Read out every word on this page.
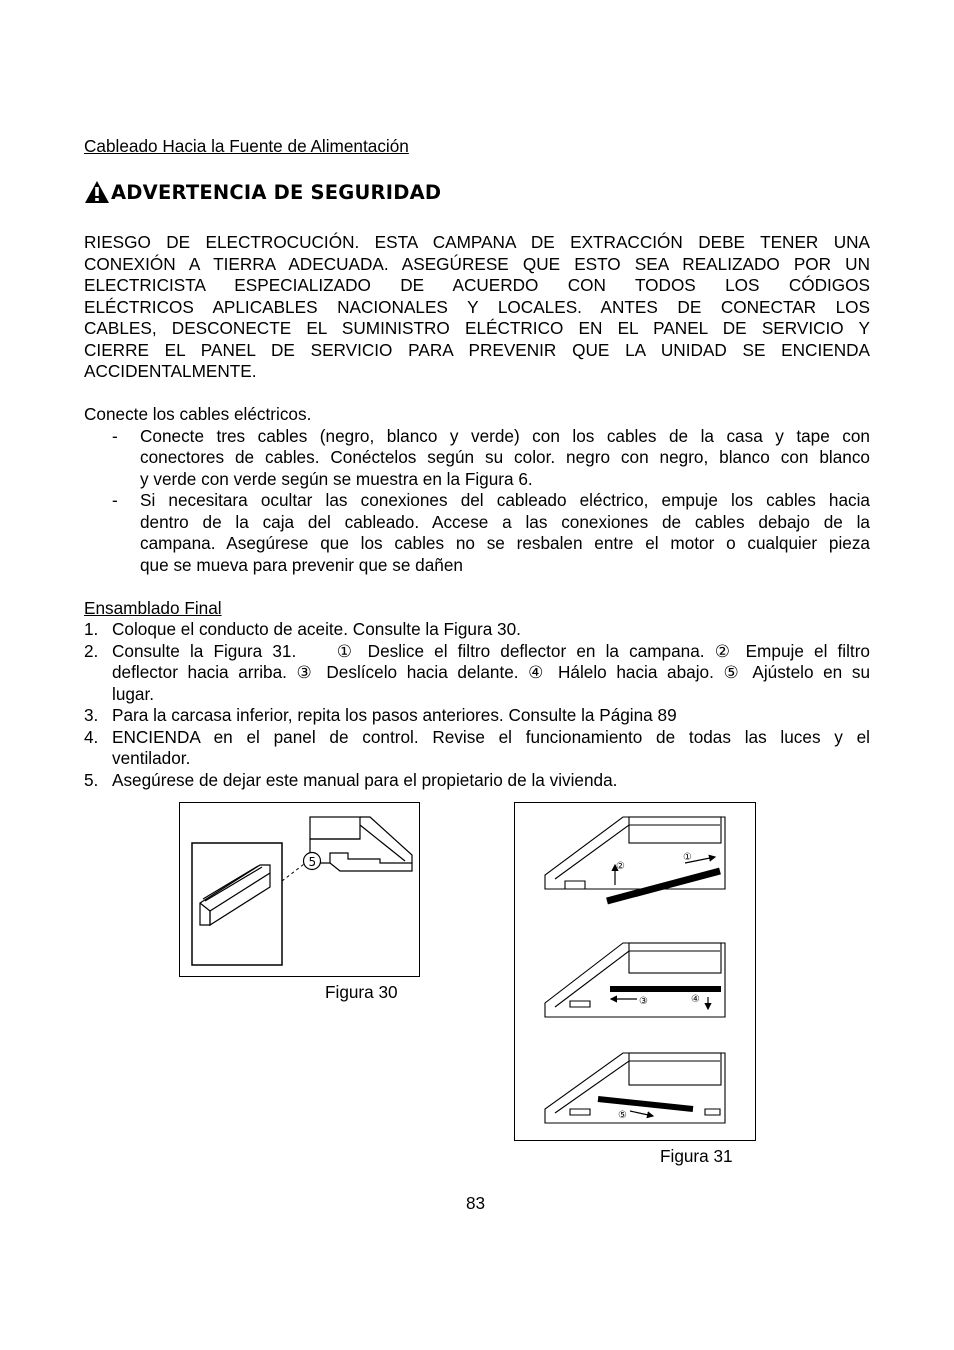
Cableado Hacia la Fuente de Alimentación
ADVERTENCIA DE SEGURIDAD
RIESGO DE ELECTROCUCIÓN. ESTA CAMPANA DE EXTRACCIÓN DEBE TENER UNA
CONEXIÓN A TIERRA ADECUADA. ASEGÚRESE QUE ESTO SEA REALIZADO POR UN
ELECTRICISTA ESPECIALIZADO DE ACUERDO CON TODOS LOS CÓDIGOS
ELÉCTRICOS APLICABLES NACIONALES Y LOCALES. ANTES DE CONECTAR LOS
CABLES, DESCONECTE EL SUMINISTRO ELÉCTRICO EN EL PANEL DE SERVICIO Y
CIERRE EL PANEL DE SERVICIO PARA PREVENIR QUE LA UNIDAD SE ENCIENDA
ACCIDENTALMENTE.
Conecte los cables eléctricos.
-	Conecte tres cables (negro, blanco y verde) con los cables de la casa y tape con
conectores de cables. Conéctelos según su color. negro con negro, blanco con blanco
y verde con verde según se muestra en la Figura 6.
-	Si necesitara ocultar las conexiones del cableado eléctrico, empuje los cables hacia
dentro de la caja del cableado. Accese a las conexiones de cables debajo de la
campana. Asegúrese que los cables no se resbalen entre el motor o cualquier pieza
que se mueva para prevenir que se dañen
Ensamblado Final
1. Coloque el conducto de aceite. Consulte la Figura 30.
2. Consulte la Figura 31.    ① Deslice el filtro deflector en la campana. ② Empuje el filtro
deflector hacia arriba. ③ Deslícelo hacia delante. ④ Hálelo hacia abajo. ⑤ Ajústelo en su
lugar.
3. Para la carcasa inferior, repita los pasos anteriores. Consulte la Página 89
4. ENCIENDA en el panel de control. Revise el funcionamiento de todas las luces y el
ventilador.
5. Asegúrese de dejar este manual para el propietario de la vivienda.
5
Figura 30
②
①
③	④
⑤
Figura 31
83
